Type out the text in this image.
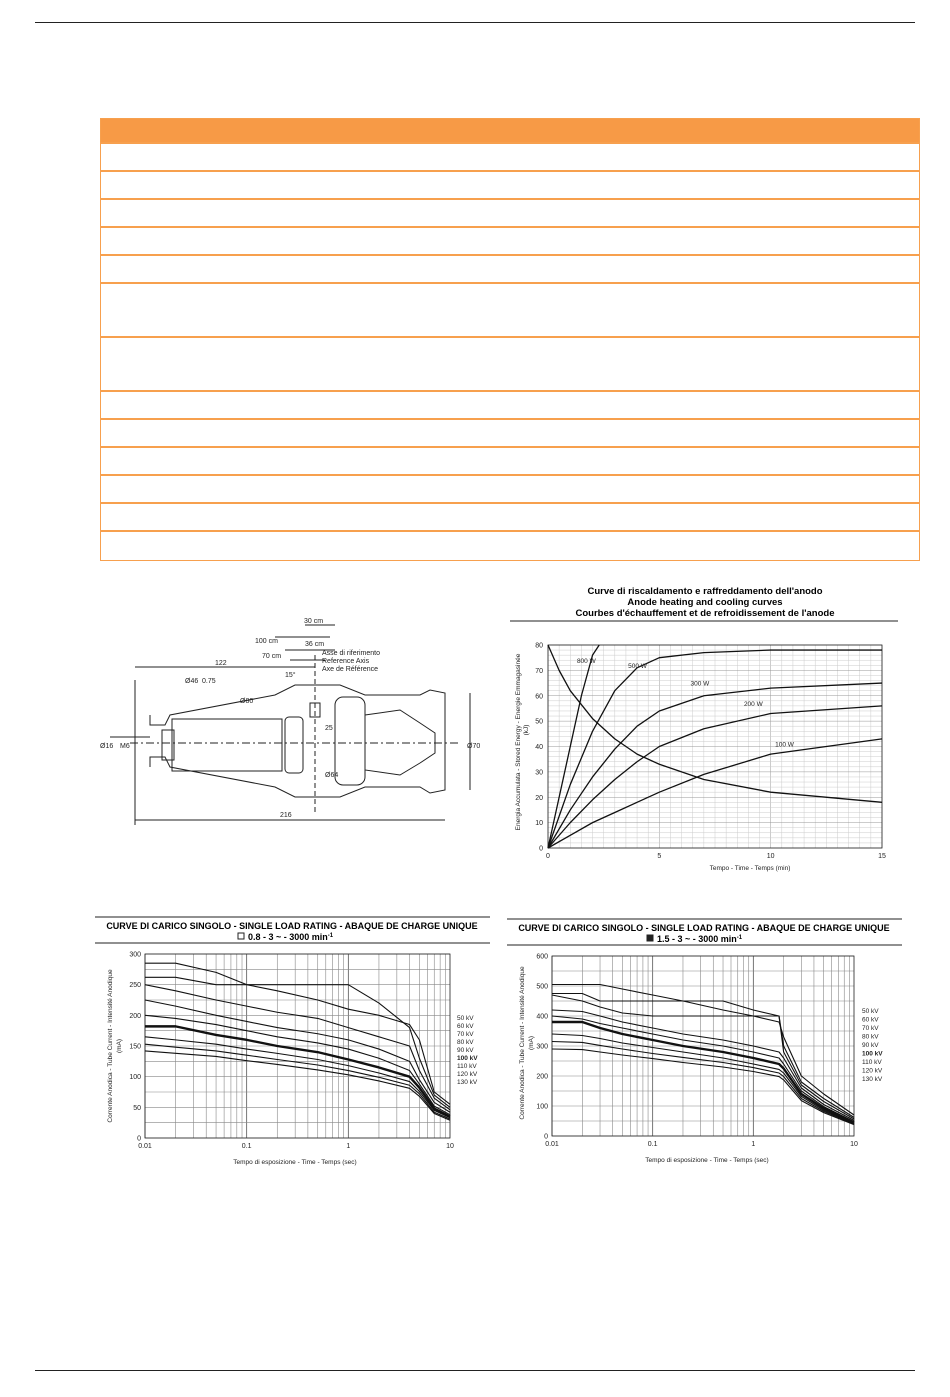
30 cm
100 cm	36 cm
70 cm	Asse di riferimento
Reference Axis
Axe de Référence
122
15°
Ø46 0.75
Ø80
Ø16 M6
25
Ø64
Ø70
216
Curve di riscaldamento e raffreddamento dell'anodo
Anode heating and cooling curves
Courbes d'échauffement et de refroidissement de l'anode
Tempo - Time - Temps (min)
Energia Accumulata - Stored Energy - Energie Emmagasinée (kJ)
0	5	10	15
0
10
20
30
40
50
60
70
80
800 W
500 W
300 W
200 W
100 W
CURVE DI CARICO SINGOLO - SINGLE LOAD RATING - ABAQUE DE CHARGE UNIQUE
0.8 - 3 ~ - 3000 $\min^{-1}$
Tempo di esposizione - Time - Temps (sec)
Corrente Anodica - Tube Current - Intensité Anodique (mA)
0.01	0.1	1	10
0
50
100
150
200
250
300
50 kV
60 kV
70 kV
80 kV
90 kV
100 kV
110 kV
120 kV
130 kV
CURVE DI CARICO SINGOLO - SINGLE LOAD RATING - ABAQUE DE CHARGE UNIQUE
1.5 - 3 ~ - 3000 $\min^{-1}$
Tempo di esposizione - Time - Temps (sec)
Corrente Anodica - Tube Current - Intensité Anodique (mA)
0.01	0.1	1	10
0
100
200
300
400
500
600
50 kV
60 kV
70 kV
80 kV
90 kV
100 kV
110 kV
120 kV
130 kV
